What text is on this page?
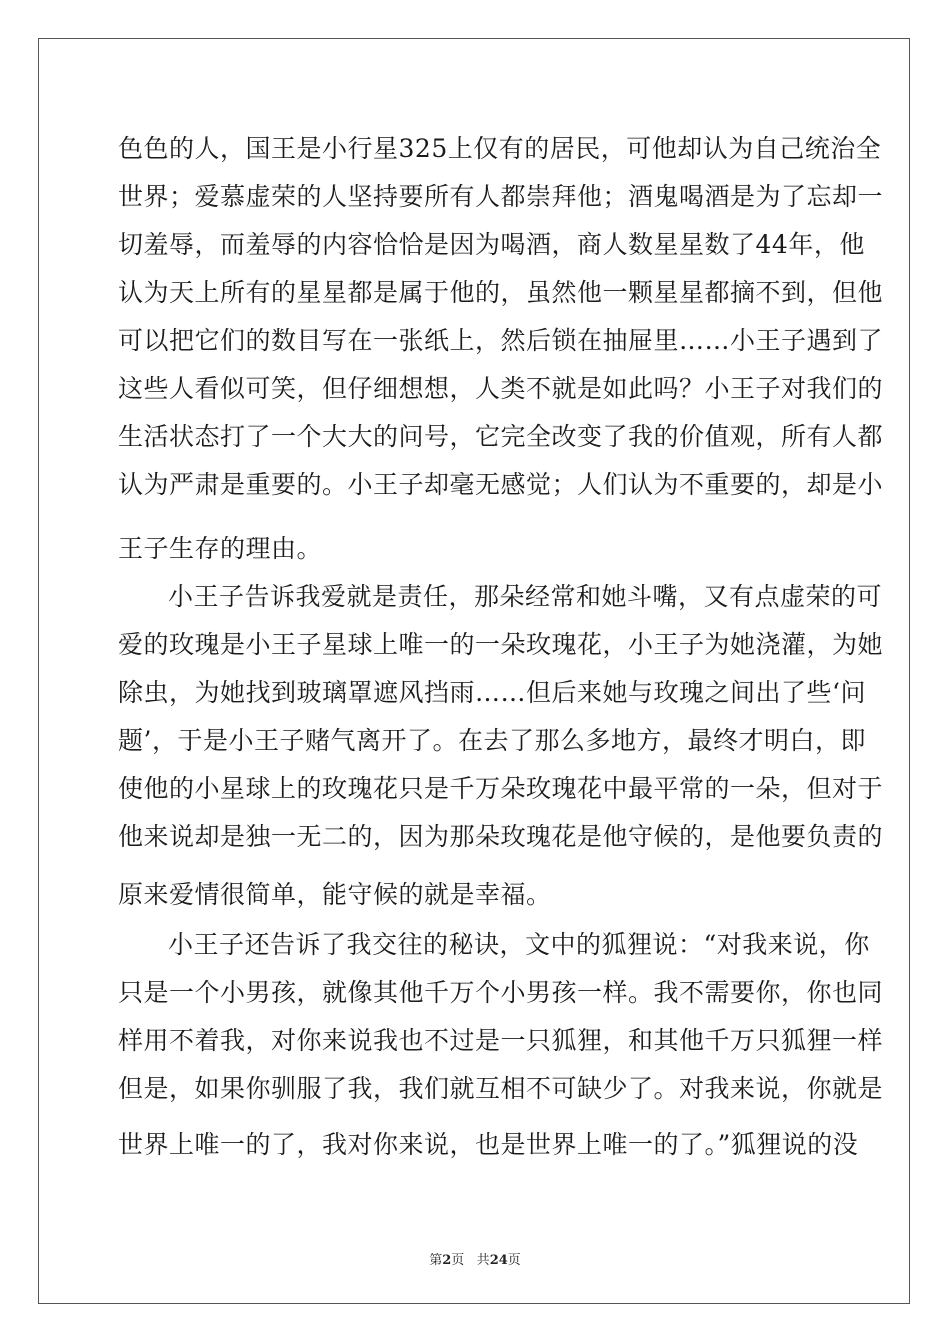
色色的人，国王是小行星325上仅有的居民，可他却认为自己统治全
世界；爱慕虚荣的人坚持要所有人都崇拜他；酒鬼喝酒是为了忘却一
切羞辱，而羞辱的内容恰恰是因为喝酒，商人数星星数了44年，他
认为天上所有的星星都是属于他的，虽然他一颗星星都摘不到，但他
可以把它们的数目写在一张纸上，然后锁在抽屉里……小王子遇到了
这些人看似可笑，但仔细想想，人类不就是如此吗？小王子对我们的
生活状态打了一个大大的问号，它完全改变了我的价值观，所有人都
认为严肃是重要的。小王子却毫无感觉；人们认为不重要的，却是小
王子生存的理由。
小王子告诉我爱就是责任，那朵经常和她斗嘴，又有点虚荣的可
爱的玫瑰是小王子星球上唯一的一朵玫瑰花，小王子为她浇灌，为她
除虫，为她找到玻璃罩遮风挡雨……但后来她与玫瑰之间出了些‘问
题’，于是小王子赌气离开了。在去了那么多地方，最终才明白，即
使他的小星球上的玫瑰花只是千万朵玫瑰花中最平常的一朵，但对于
他来说却是独一无二的，因为那朵玫瑰花是他守候的，是他要负责的
原来爱情很简单，能守候的就是幸福。
小王子还告诉了我交往的秘诀，文中的狐狸说：“对我来说，你
只是一个小男孩，就像其他千万个小男孩一样。我不需要你，你也同
样用不着我，对你来说我也不过是一只狐狸，和其他千万只狐狸一样
但是，如果你驯服了我，我们就互相不可缺少了。对我来说，你就是
世界上唯一的了，我对你来说，也是世界上唯一的了。”狐狸说的没
第2页 共24页
